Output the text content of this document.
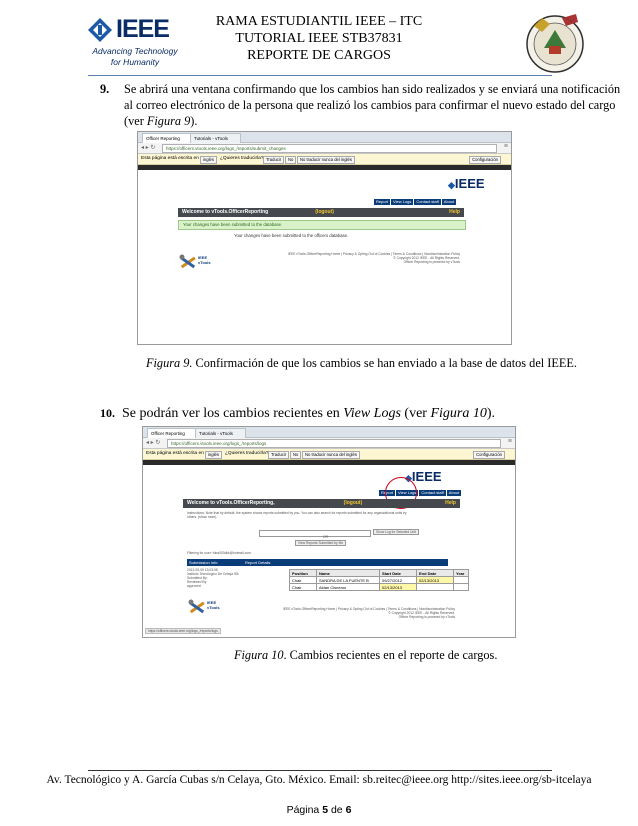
IEEE
Advancing Technology
for Humanity
RAMA ESTUDIANTIL IEEE – ITC
TUTORIAL IEEE STB37831
REPORTE DE CARGOS
9. Se abrirá una ventana confirmando que los cambios han sido realizados y se enviará una notificación
al correo electrónico de la persona que realizó los cambios para confirmar el nuevo estado del cargo
(ver Figura 9).
Officer Reporting	Tutorials - vTools
◂ ▸ ↻	https://officers.vtools.ieee.org/logs_/reports/submit_changes	≡
Esta página está escrita en inglés	¿Quieres traducirla? Traducir	No	No traducir nunca del inglés	Configuración
◆IEEE
Report	View Logs	Contact staff	About
Welcome to vTools.OfficerReporting	(logout)	Help
Your changes have been submitted to the database.
Your changes have been submitted to the officers database.
IEEE vTools
IEEE vTools.OfficerReporting Home | Privacy & Opting Out of Cookies | Terms & Conditions | Nondiscrimination Policy
© Copyright 2012 IEEE - All Rights Reserved.
Officer Reporting is powered by vTools
Figura 9. Confirmación de que los cambios se han enviado a la base de datos del IEEE.
10. Se podrán ver los cambios recientes en View Logs (ver Figura 10).
Officer Reporting	Tutorials - vTools
◂ ▸ ↻	https://officers.vtools.ieee.org/logs_/reports/logs	≡
Esta página está escrita en inglés	¿Quieres traducirla? Traducir	No	No traducir nunca del inglés	Configuración
◆IEEE
Report	View Logs	Contact staff	About
Welcome to vTools.OfficerReporting,	(logout)	Help
Instructions: Note that by default, the system shows reports submitted by you. You can also search for reports submitted for any organizational units by others. (show more)
Show Log for Selected Unit
OR
View Reports Submitted by Me
Filtering for user: fuba000dkk@hotmail.com
Submission Info	Report Details
2012-05-09 13:03:08
Instituto Tecnologico De Celaya SB:
Submitted By:
Reviewed By:
approved
Position	Name	Start Date	End Date	Year
Chair	SANDRA DE LA FUENTE B	09/27/2012	02/13/2013	
Chair	Aldan Cisneros	02/13/2013		
IEEE vTools	IEEE vTools.OfficerReporting Home | Privacy & Opting Out of Cookies | Terms & Conditions | Nondiscrimination Policy
© Copyright 2012 IEEE - All Rights Reserved.
Officer Reporting is powered by vTools
https://officers.vtools.ieee.org/logs_/reports/logs
Figura 10. Cambios recientes en el reporte de cargos.
Av. Tecnológico y A. García Cubas s/n Celaya, Gto. México. Email: sb.reitec@ieee.org http://sites.ieee.org/sb-itcelaya
Página 5 de 6
